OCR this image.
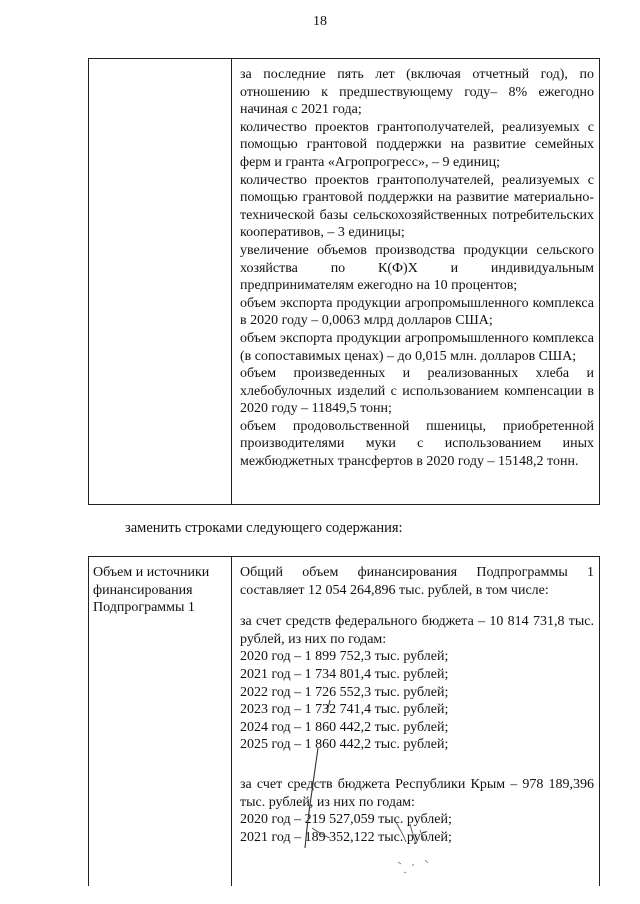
18

за последние пять лет (включая отчетный год), по отношению к предшествующему году– 8% ежегодно начиная с 2021 года;

количество проектов грантополучателей, реализуемых с помощью грантовой поддержки на развитие семейных ферм и гранта «Агропрогресс», – 9 единиц;

количество проектов грантополучателей, реализуемых с помощью грантовой поддержки на развитие материально-технической базы сельскохозяйственных потребительских кооперативов, – 3 единицы;

увеличение объемов производства продукции сельского хозяйства по К(Ф)Х и индивидуальным предпринимателям ежегодно на 10 процентов;

объем экспорта продукции агропромышленного комплекса в 2020 году – 0,0063 млрд долларов США;

объем экспорта продукции агропромышленного комплекса (в сопоставимых ценах) – до 0,015 млн. долларов США;

объем произведенных и реализованных хлеба и хлебобулочных изделий с использованием компенсации в 2020 году – 11849,5 тонн;

объем продовольственной пшеницы, приобретенной производителями муки с использованием иных межбюджетных трансфертов в 2020 году – 15148,2 тонн.

заменить строками следующего содержания:
Объем и источники финансирования Подпрограммы 1

Общий объем финансирования Подпрограммы 1 составляет 12 054 264,896 тыс. рублей, в том числе:

за счет средств федерального бюджета – 10 814 731,8 тыс. рублей, из них по годам:

2020 год – 1 899 752,3 тыс. рублей;

2021 год – 1 734 801,4 тыс. рублей;

2022 год – 1 726 552,3 тыс. рублей;

2023 год – 1 732 741,4 тыс. рублей;

2024 год – 1 860 442,2 тыс. рублей;

2025 год – 1 860 442,2 тыс. рублей;

за счет средств бюджета Республики Крым – 978 189,396 тыс. рублей, из них по годам:

2020 год – 219 527,059 тыс. рублей;

2021 год – 189 352,122 тыс. рублей;
